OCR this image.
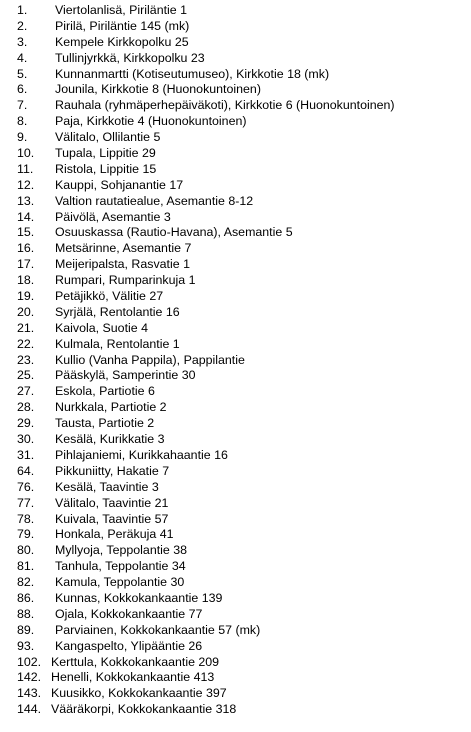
1. Viertolanlisä, Piriläntie 1
2. Pirilä, Piriläntie 145 (mk)
3. Kempele Kirkkopolku 25
4. Tullinjyrkkä, Kirkkopolku 23
5. Kunnanmartti (Kotiseutumuseo), Kirkkotie 18 (mk)
6. Jounila, Kirkkotie 8 (Huonokuntoinen)
7. Rauhala (ryhmäperhepäiväkoti), Kirkkotie 6 (Huonokuntoinen)
8. Paja, Kirkkotie 4 (Huonokuntoinen)
9. Välitalo, Ollilantie 5
10. Tupala, Lippitie 29
11. Ristola, Lippitie 15
12. Kauppi, Sohjanantie 17
13. Valtion rautatiealue, Asemantie 8-12
14. Päivölä, Asemantie 3
15. Osuuskassa (Rautio-Havana), Asemantie 5
16. Metsärinne, Asemantie 7
17. Meijeripalsta, Rasvatie 1
18. Rumpari, Rumparinkuja 1
19. Petäjikkö, Välitie 27
20. Syrjälä, Rentolantie 16
21. Kaivola, Suotie 4
22. Kulmala, Rentolantie 1
23. Kullio (Vanha Pappila), Pappilantie
25. Pääskylä, Samperintie 30
27. Eskola, Partiotie 6
28. Nurkkala, Partiotie 2
29. Tausta, Partiotie 2
30. Kesälä, Kurikkatie 3
31. Pihlajaniemi, Kurikkahaantie 16
64. Pikkuniitty, Hakatie 7
76. Kesälä, Taavintie 3
77. Välitalo, Taavintie 21
78. Kuivala, Taavintie 57
79. Honkala, Peräkuja 41
80. Myllyoja, Teppolantie 38
81. Tanhula, Teppolantie 34
82. Kamula, Teppolantie 30
86. Kunnas, Kokkokankaantie 139
88. Ojala, Kokkokankaantie 77
89. Parviainen, Kokkokankaantie 57 (mk)
93. Kangaspelto, Ylipääntie 26
102. Kerttula, Kokkokankaantie 209
142. Henelli, Kokkokankaantie 413
143. Kuusikko, Kokkokankaantie 397
144. Vääräkorpi, Kokkokankaantie 318
